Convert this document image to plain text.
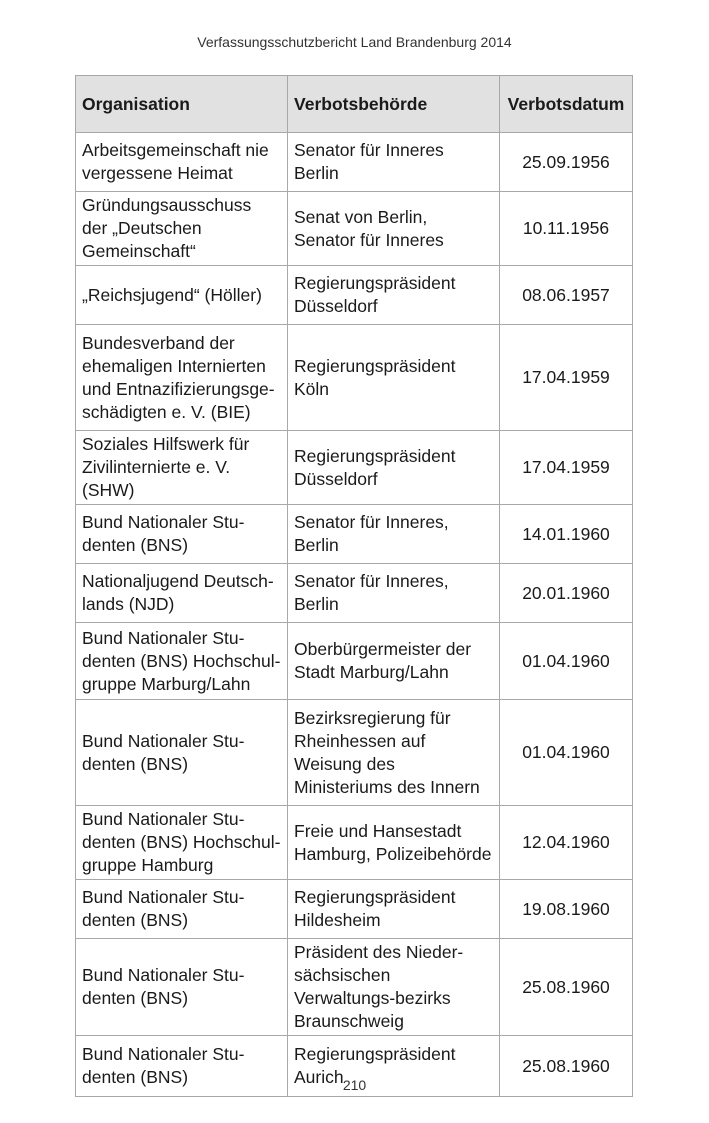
Verfassungsschutzbericht Land Brandenburg 2014
Organisation	Verbotsbehörde	Verbotsdatum
Arbeitsgemeinschaft nie vergessene Heimat	Senator für Inneres Berlin	25.09.1956
Gründungsausschuss der „Deutschen Gemeinschaft“	Senat von Berlin, Senator für Inneres	10.11.1956
„Reichsjugend“ (Höller)	Regierungspräsident Düsseldorf	08.06.1957
Bundesverband der ehemaligen Internierten und Entnazifizierungsge-schädigten e. V. (BIE)	Regierungspräsident Köln	17.04.1959
Soziales Hilfswerk für Zivilinternierte e. V. (SHW)	Regierungspräsident Düsseldorf	17.04.1959
Bund Nationaler Stu-denten (BNS)	Senator für Inneres, Berlin	14.01.1960
Nationaljugend Deutsch-lands (NJD)	Senator für Inneres, Berlin	20.01.1960
Bund Nationaler Stu-denten (BNS) Hochschul-gruppe Marburg/Lahn	Oberbürgermeister der Stadt Marburg/Lahn	01.04.1960
Bund Nationaler Stu-denten (BNS)	Bezirksregierung für Rheinhessen auf Weisung des Ministeriums des Innern	01.04.1960
Bund Nationaler Stu-denten (BNS) Hochschul-gruppe Hamburg	Freie und Hansestadt Hamburg, Polizeibehörde	12.04.1960
Bund Nationaler Stu-denten (BNS)	Regierungspräsident Hildesheim	19.08.1960
Bund Nationaler Stu-denten (BNS)	Präsident des Nieder-sächsischen Verwaltungs-bezirks Braunschweig	25.08.1960
Bund Nationaler Stu-denten (BNS)	Regierungspräsident Aurich	25.08.1960
210
